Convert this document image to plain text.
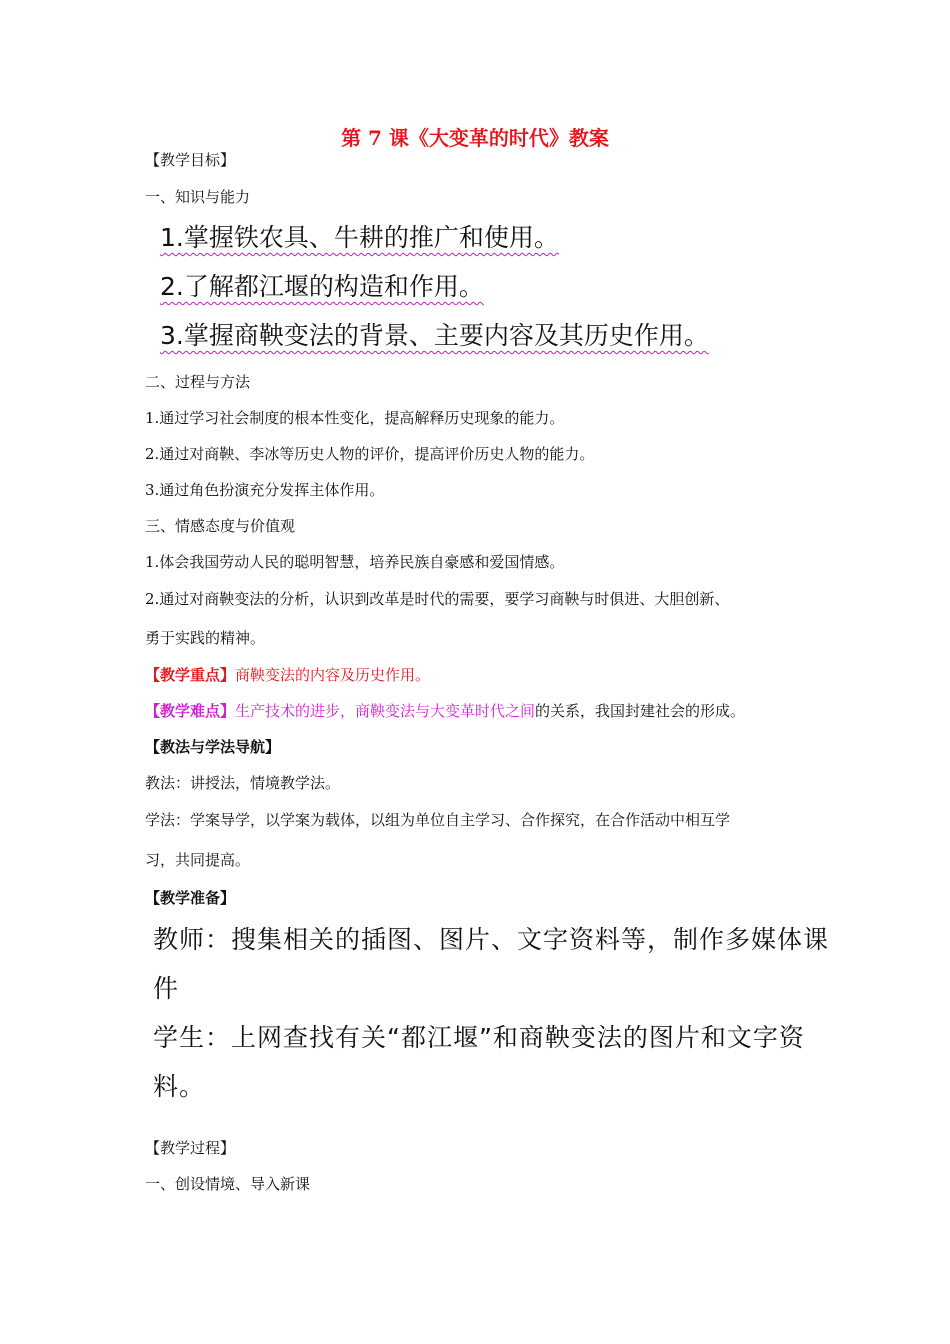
第 7 课《大变革的时代》教案
【教学目标】
一、知识与能力
1.掌握铁农具、牛耕的推广和使用。
2.了解都江堰的构造和作用。
3.掌握商鞅变法的背景、主要内容及其历史作用。
二、过程与方法
1.通过学习社会制度的根本性变化，提高解释历史现象的能力。
2.通过对商鞅、李冰等历史人物的评价，提高评价历史人物的能力。
3.通过角色扮演充分发挥主体作用。
三、情感态度与价值观
1.体会我国劳动人民的聪明智慧，培养民族自豪感和爱国情感。
2.通过对商鞅变法的分析，认识到改革是时代的需要，要学习商鞅与时俱进、大胆创新、
勇于实践的精神。
【教学重点】商鞅变法的内容及历史作用。
【教学难点】生产技术的进步，商鞅变法与大变革时代之间的关系，我国封建社会的形成。
【教法与学法导航】
教法：讲授法，情境教学法。
学法：学案导学，以学案为载体，以组为单位自主学习、合作探究，在合作活动中相互学
习，共同提高。
【教学准备】
教师：搜集相关的插图、图片、文字资料等，制作多媒体课
件
学生：上网查找有关“都江堰”和商鞅变法的图片和文字资
料。
【教学过程】
一、创设情境、导入新课
